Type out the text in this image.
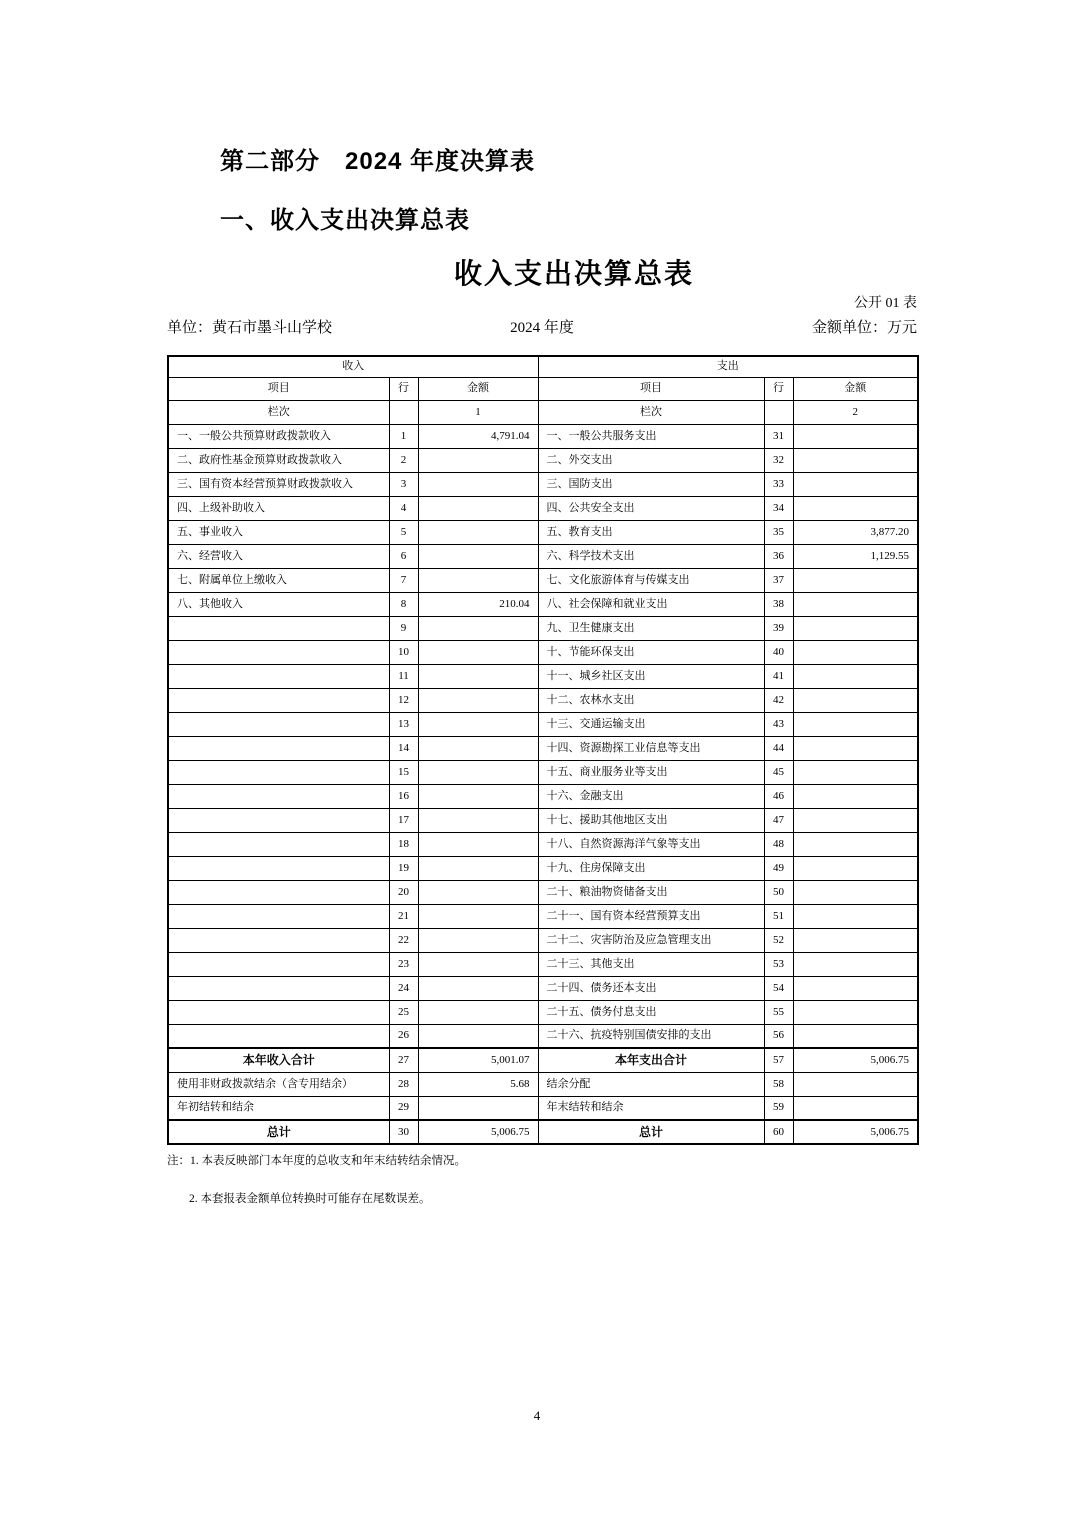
第二部分　2024 年度决算表
一、收入支出决算总表
收入支出决算总表
公开 01 表
单位：黄石市墨斗山学校	2024 年度	金额单位：万元
收入			支出		
项目	行	金额	项目	行	金额
栏次		1	栏次		2
一、一般公共预算财政拨款收入	1	4,791.04	一、一般公共服务支出	31	
二、政府性基金预算财政拨款收入	2		二、外交支出	32	
三、国有资本经营预算财政拨款收入	3		三、国防支出	33	
四、上级补助收入	4		四、公共安全支出	34	
五、事业收入	5		五、教育支出	35	3,877.20
六、经营收入	6		六、科学技术支出	36	1,129.55
七、附属单位上缴收入	7		七、文化旅游体育与传媒支出	37	
八、其他收入	8	210.04	八、社会保障和就业支出	38	
	9		九、卫生健康支出	39	
	10		十、节能环保支出	40	
	11		十一、城乡社区支出	41	
	12		十二、农林水支出	42	
	13		十三、交通运输支出	43	
	14		十四、资源勘探工业信息等支出	44	
	15		十五、商业服务业等支出	45	
	16		十六、金融支出	46	
	17		十七、援助其他地区支出	47	
	18		十八、自然资源海洋气象等支出	48	
	19		十九、住房保障支出	49	
	20		二十、粮油物资储备支出	50	
	21		二十一、国有资本经营预算支出	51	
	22		二十二、灾害防治及应急管理支出	52	
	23		二十三、其他支出	53	
	24		二十四、债务还本支出	54	
	25		二十五、债务付息支出	55	
	26		二十六、抗疫特别国债安排的支出	56	
本年收入合计	27	5,001.07	本年支出合计	57	5,006.75
使用非财政拨款结余（含专用结余）	28	5.68	结余分配	58	
年初结转和结余	29		年末结转和结余	59	
总计	30	5,006.75	总计	60	5,006.75
注：1. 本表反映部门本年度的总收支和年末结转结余情况。
2. 本套报表金额单位转换时可能存在尾数误差。
4
